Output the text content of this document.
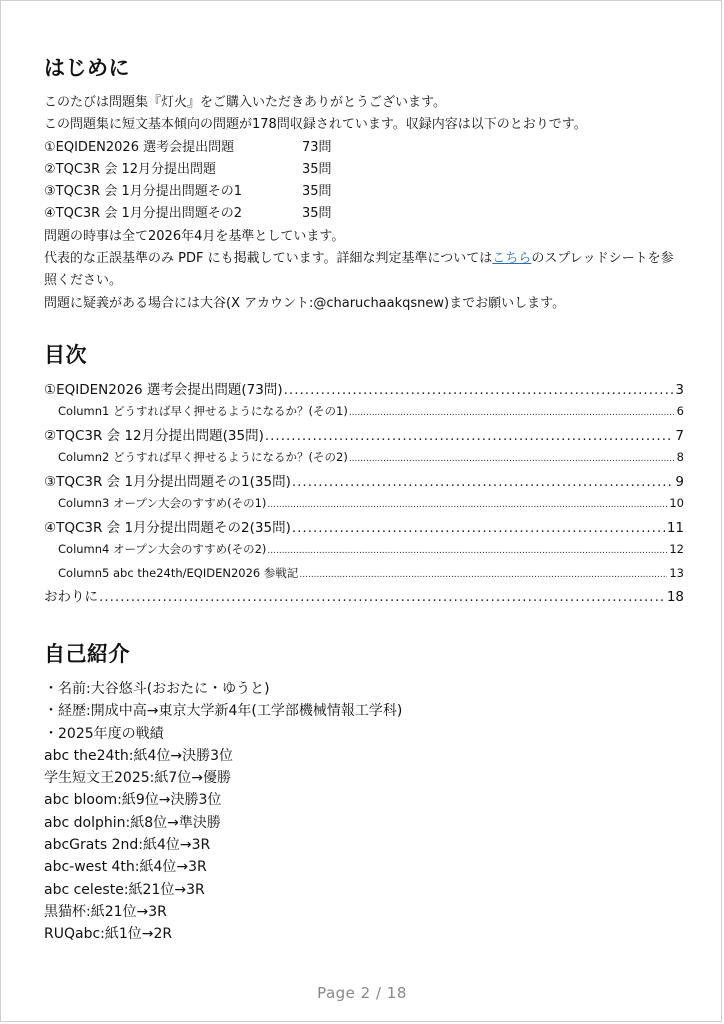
はじめに

このたびは問題集『灯火』をご購入いただきありがとうございます。

この問題集に短文基本傾向の問題が178問収録されています。収録内容は以下のとおりです。

①EQIDEN2026 選考会提出問題	73問
②TQC3R 会 12月分提出問題	35問
③TQC3R 会 1月分提出問題その1	35問
④TQC3R 会 1月分提出問題その2	35問

問題の時事は全て2026年4月を基準としています。

代表的な正誤基準のみ PDF にも掲載しています。詳細な判定基準についてはこちらのスプレッドシートを参照ください。

問題に疑義がある場合には大谷(X アカウント:@charuchaakqsnew)までお願いします。

目次
①EQIDEN2026 選考会提出問題(73問) .....	3
Column1 どうすれば早く押せるようになるか？(その1) .....	6
②TQC3R 会 12月分提出問題(35問) .....	7
Column2 どうすれば早く押せるようになるか？(その2) .....	8
③TQC3R 会 1月分提出問題その1(35問) .....	9
Column3 オープン大会のすすめ(その1) .....	10
④TQC3R 会 1月分提出問題その2(35問) .....	11
Column4 オープン大会のすすめ(その2) .....	12
Column5 abc the24th/EQIDEN2026 参戦記 .....	13
おわりに .....	18
自己紹介

・名前:大谷悠斗(おおたに・ゆうと)

・経歴:開成中高→東京大学新4年(工学部機械情報工学科)

・2025年度の戦績

abc the24th:紙4位→決勝3位

学生短文王2025:紙7位→優勝

abc bloom:紙9位→決勝3位

abc dolphin:紙8位→準決勝

abcGrats 2nd:紙4位→3R

abc-west 4th:紙4位→3R

abc celeste:紙21位→3R

黒猫杯:紙21位→3R

RUQabc:紙1位→2R

Page 2 / 18
